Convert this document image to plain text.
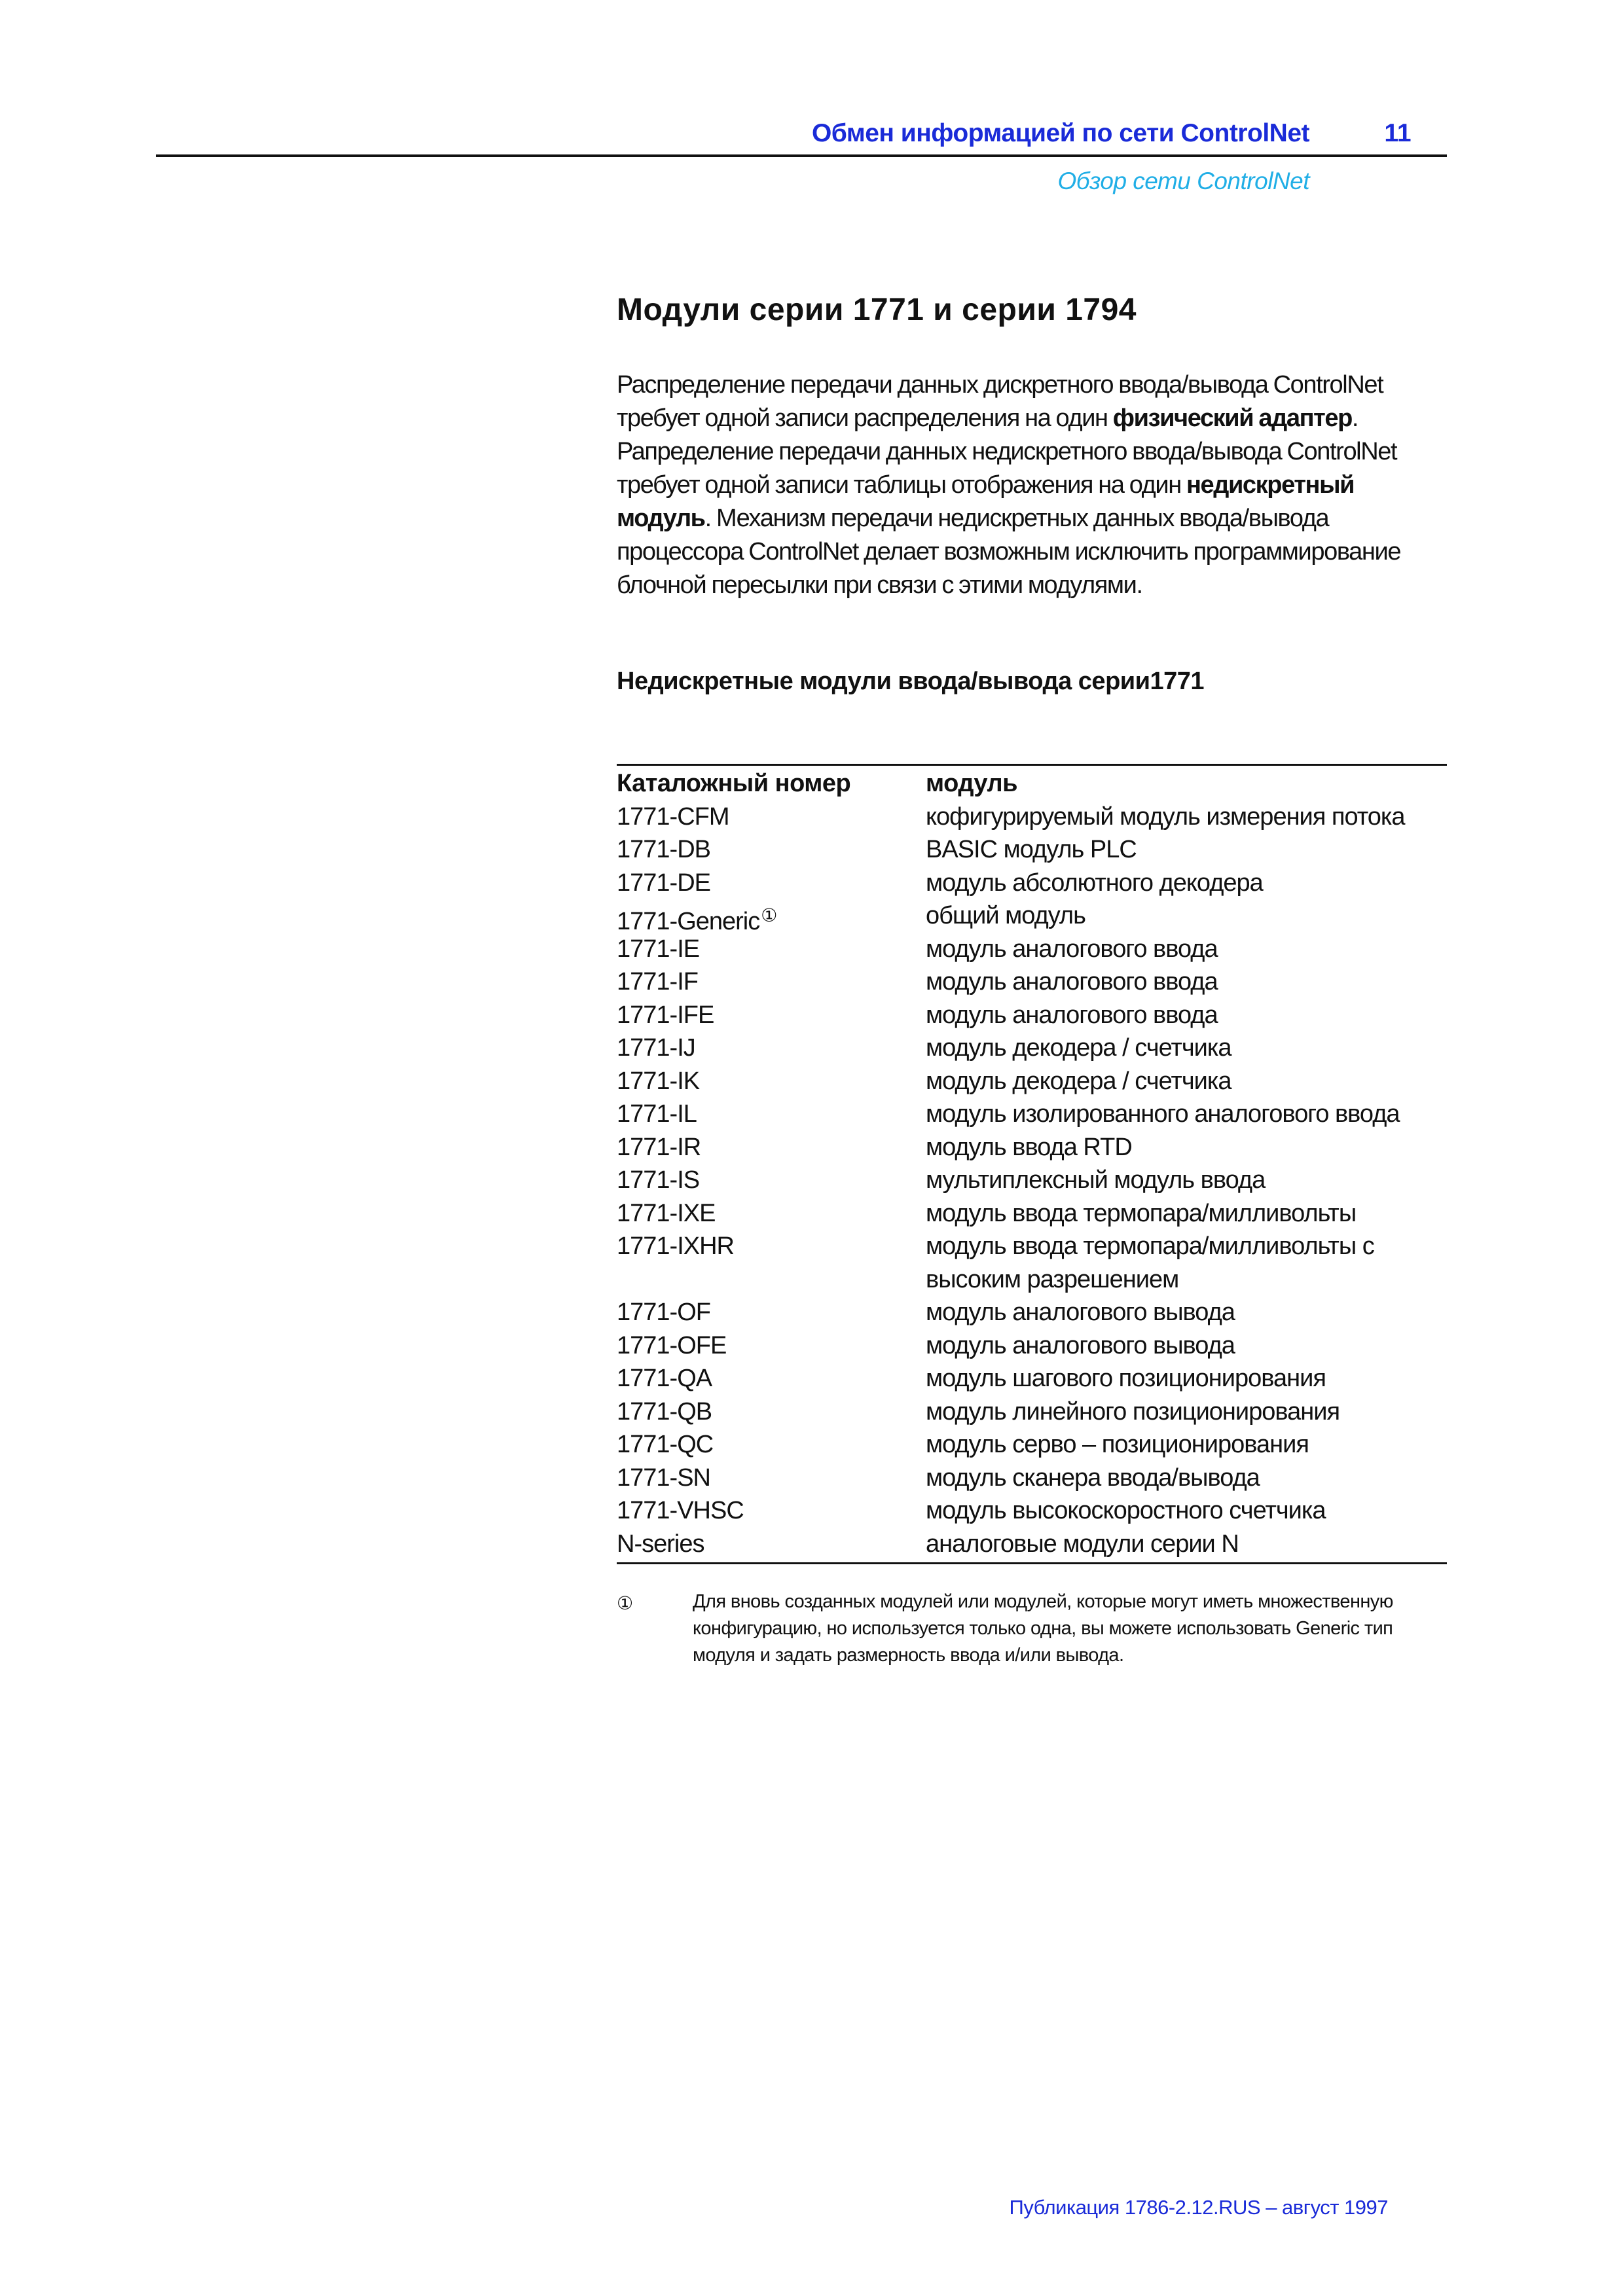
Обмен информацией по сети ControlNet	11
Обзор сети ControlNet
Модули серии 1771 и серии 1794
Распределение передачи данных дискретного ввода/вывода ControlNet
требует одной записи распределения на один физический адаптер.
Рапределение передачи данных недискретного ввода/вывода ControlNet
требует одной записи таблицы отображения на один недискретный
модуль. Механизм передачи недискретных данных ввода/вывода
процессора ControlNet делает возможным исключить программирование
блочной пересылки при связи с этими модулями.
Недискретные модули ввода/вывода серии1771
Каталожный номер	модуль
1771-CFM	кофигурируемый модуль измерения потока
1771-DB	BASIC модуль PLC
1771-DE	модуль абсолютного декодера
1771-Generic①	общий модуль
1771-IE	модуль аналогового ввода
1771-IF	модуль аналогового ввода
1771-IFE	модуль аналогового ввода
1771-IJ	модуль декодера / счетчика
1771-IK	модуль декодера / счетчика
1771-IL	модуль изолированного аналогового ввода
1771-IR	модуль ввода RTD
1771-IS	мультиплексный модуль ввода
1771-IXE	модуль ввода термопара/милливольты
1771-IXHR	модуль ввода термопара/милливольты с
высоким разрешением
1771-OF	модуль аналогового вывода
1771-OFE	модуль аналогового вывода
1771-QA	модуль шагового позиционирования
1771-QB	модуль линейного позиционирования
1771-QC	модуль серво – позиционирования
1771-SN	модуль сканера ввода/вывода
1771-VHSC	модуль высокоскоростного счетчика
N-series	аналоговые модули серии N
①	Для вновь созданных модулей или модулей, которые могут иметь множественную
конфигурацию, но используется только одна, вы можете использовать Generic тип
модуля и задать размерность ввода и/или вывода.
Публикация 1786-2.12.RUS – август 1997
